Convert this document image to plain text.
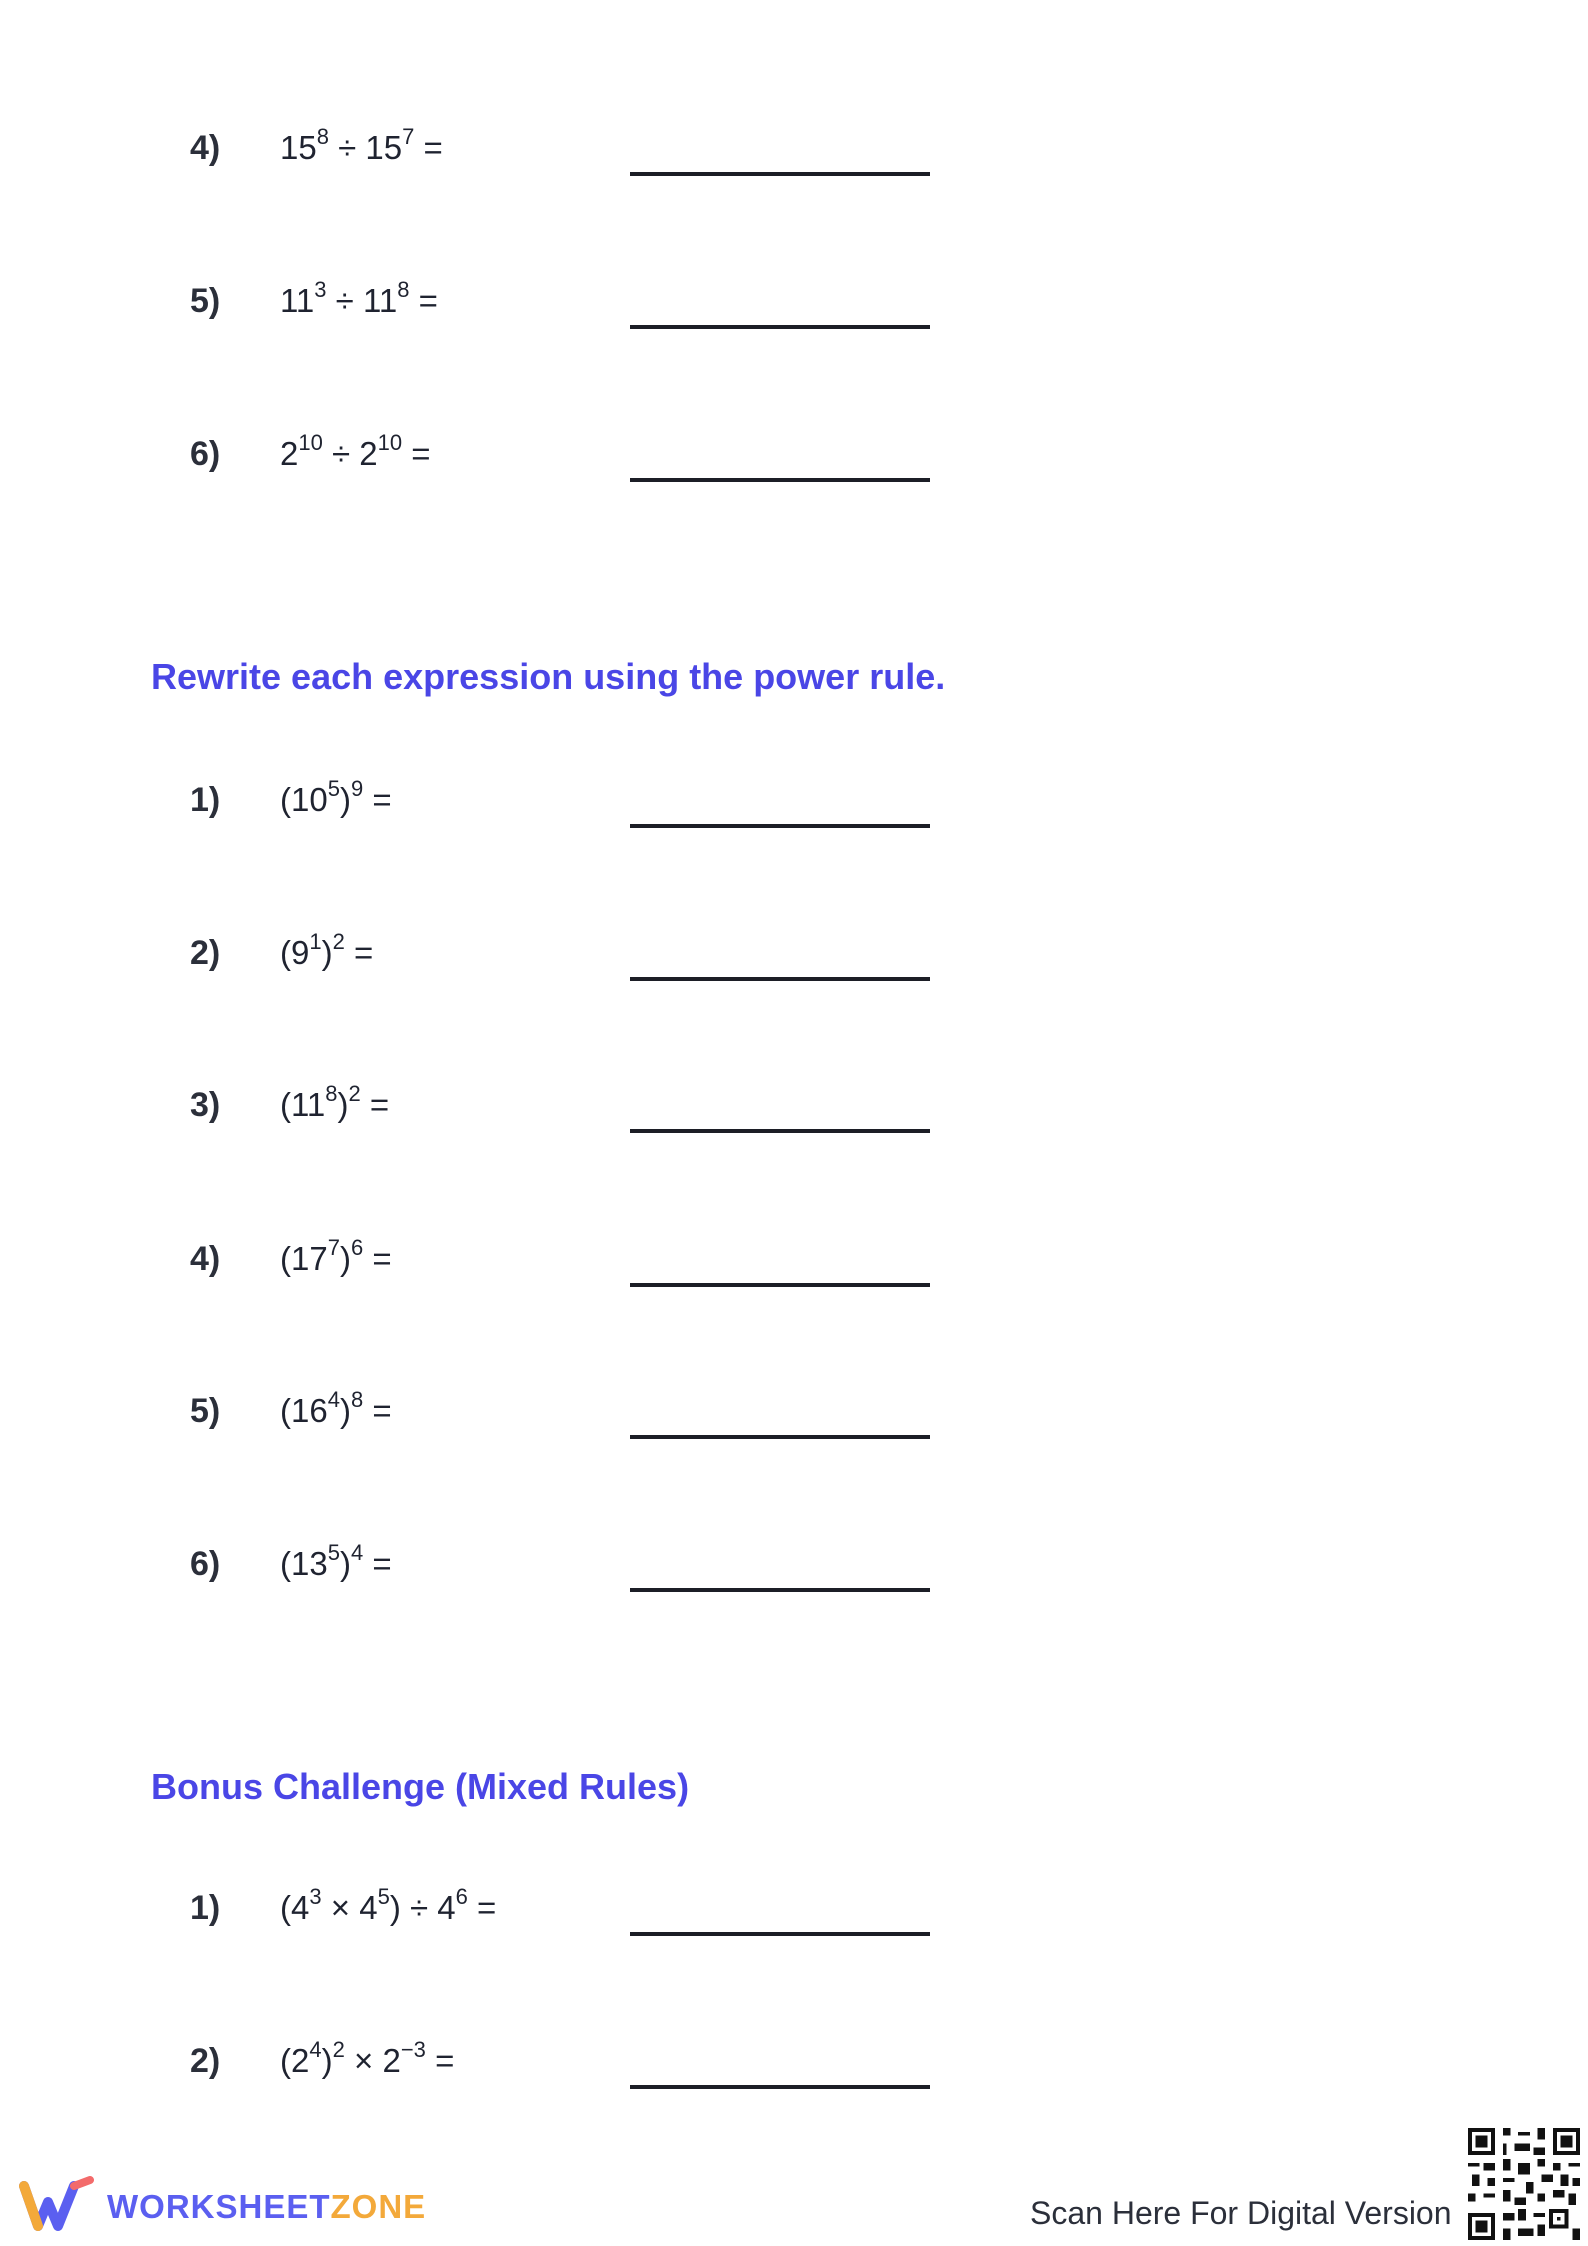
4) $15^8 \div 15^7$ =
5) $11^3 \div 11^8$ =
6) $2^{10} \div 2^{10}$ =
Rewrite each expression using the power rule.
1) $(10^5)^9$ =
2) $(9^1)^2$ =
3) $(11^8)^2$ =
4) $(17^7)^6$ =
5) $(16^4)^8$ =
6) $(13^5)^4$ =
Bonus Challenge (Mixed Rules)
1) $(4^3 \times 4^5) \div 4^6$ =
2) $(2^4)^2 \times 2^{-3}$ =
WORKSHEETZONE	Scan Here For Digital Version
